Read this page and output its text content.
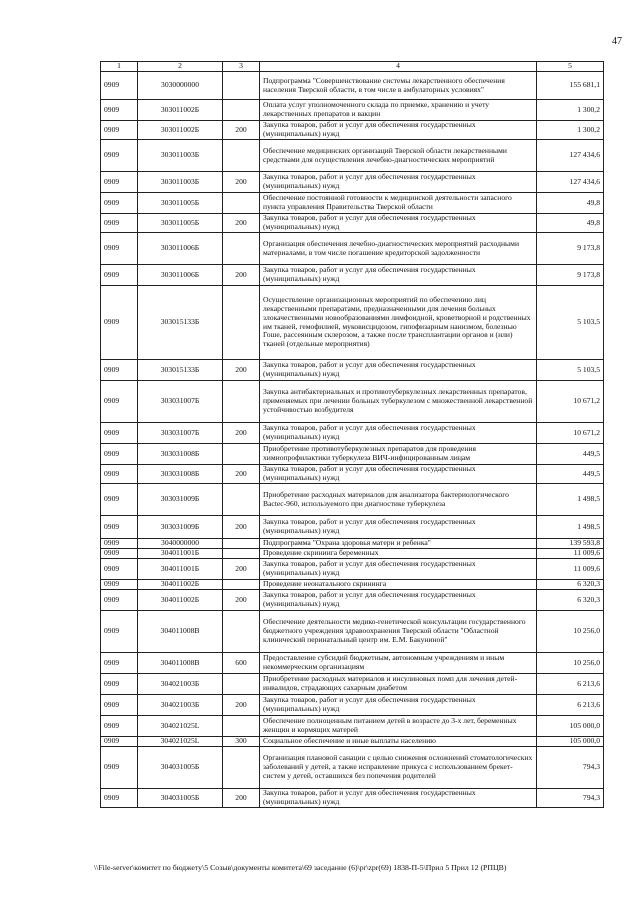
47
1	2	3	4	5
0909	3030000000		Подпрограмма "Совершенствование системы лекарственного обеспечения населения Тверской области, в том числе в амбулаторных условиях"	155 681,1
0909	303011002Б		Оплата услуг уполномоченного склада по приемке, хранению и учету лекарственных препаратов и вакцин	1 300,2
0909	303011002Б	200	Закупка товаров, работ и услуг для обеспечения государственных (муниципальных) нужд	1 300,2
0909	303011003Б		Обеспечение медицинских организаций Тверской области лекарственными средствами для осуществления лечебно-диагностических мероприятий	127 434,6
0909	303011003Б	200	Закупка товаров, работ и услуг для обеспечения государственных (муниципальных) нужд	127 434,6
0909	303011005Б		Обеспечение постоянной готовности к медицинской деятельности запасного пункта управления Правительства Тверской области	49,8
0909	303011005Б	200	Закупка товаров, работ и услуг для обеспечения государственных (муниципальных) нужд	49,8
0909	303011006Б		Организация обеспечения лечебно-диагностических мероприятий расходными материалами, в том числе погашение кредиторской задолженности	9 173,8
0909	303011006Б	200	Закупка товаров, работ и услуг для обеспечения государственных (муниципальных) нужд	9 173,8
0909	303015133Б		Осуществление организационных мероприятий по обеспечению лиц лекарственными препаратами, предназначенными для лечения больных злокачественными новообразованиями лимфоидной, кроветворной и родственных им тканей, гемофилией, муковисцидозом, гипофизарным нанизмом, болезнью Гоше, рассеянным склерозом, а также после трансплантации органов и (или) тканей (отдельные мероприятия)	5 103,5
0909	303015133Б	200	Закупка товаров, работ и услуг для обеспечения государственных (муниципальных) нужд	5 103,5
0909	303031007Б		Закупка антибактериальных и противотуберкулезных лекарственных препаратов, применяемых при лечении больных туберкулезом с множественной лекарственной устойчивостью возбудителя	10 671,2
0909	303031007Б	200	Закупка товаров, работ и услуг для обеспечения государственных (муниципальных) нужд	10 671,2
0909	303031008Б		Приобретение противотуберкулезных препаратов для проведения химиопрофилактики туберкулеза ВИЧ-инфицированным лицам	449,5
0909	303031008Б	200	Закупка товаров, работ и услуг для обеспечения государственных (муниципальных) нужд	449,5
0909	303031009Б		Приобретение расходных материалов для анализатора бактериологического Bactec-960, используемого при диагностике туберкулеза	1 498,5
0909	303031009Б	200	Закупка товаров, работ и услуг для обеспечения государственных (муниципальных) нужд	1 498,5
0909	3040000000		Подпрограмма "Охрана здоровья матери и ребенка"	139 593,8
0909	304011001Б		Проведение скрининга беременных	11 009,6
0909	304011001Б	200	Закупка товаров, работ и услуг для обеспечения государственных (муниципальных) нужд	11 009,6
0909	304011002Б		Проведение неонатального скрининга	6 320,3
0909	304011002Б	200	Закупка товаров, работ и услуг для обеспечения государственных (муниципальных) нужд	6 320,3
0909	304011008В		Обеспечение деятельности медико-генетической консультации государственного бюджетного учреждения здравоохранения Тверской области "Областной клинический перинатальный центр им. Е.М. Бакуниной"	10 256,0
0909	304011008В	600	Предоставление субсидий бюджетным, автономным учреждениям и иным некоммерческим организациям	10 256,0
0909	304021003Б		Приобретение расходных материалов и инсулиновых помп для лечения детей-инвалидов, страдающих сахарным диабетом	6 213,6
0909	304021003Б	200	Закупка товаров, работ и услуг для обеспечения государственных (муниципальных) нужд	6 213,6
0909	304021025L		Обеспечение полноценным питанием детей в возрасте до 3-х лет, беременных женщин и кормящих матерей	105 000,0
0909	304021025L	300	Социальное обеспечение и иные выплаты населению	105 000,0
0909	304031005Б		Организация плановой санации с целью снижения осложнений стоматологических заболеваний у детей, а также исправление прикуса с использованием брекет-систем у детей, оставшихся без попечения родителей	794,3
0909	304031005Б	200	Закупка товаров, работ и услуг для обеспечения государственных (муниципальных) нужд	794,3
\\File-server\комитет по бюджету\5 Созыв\документы комитета\69 заседание (6)\pr\zpr(69) 1838-П-5\Прил 5 Прил 12 (РПЦВ)
